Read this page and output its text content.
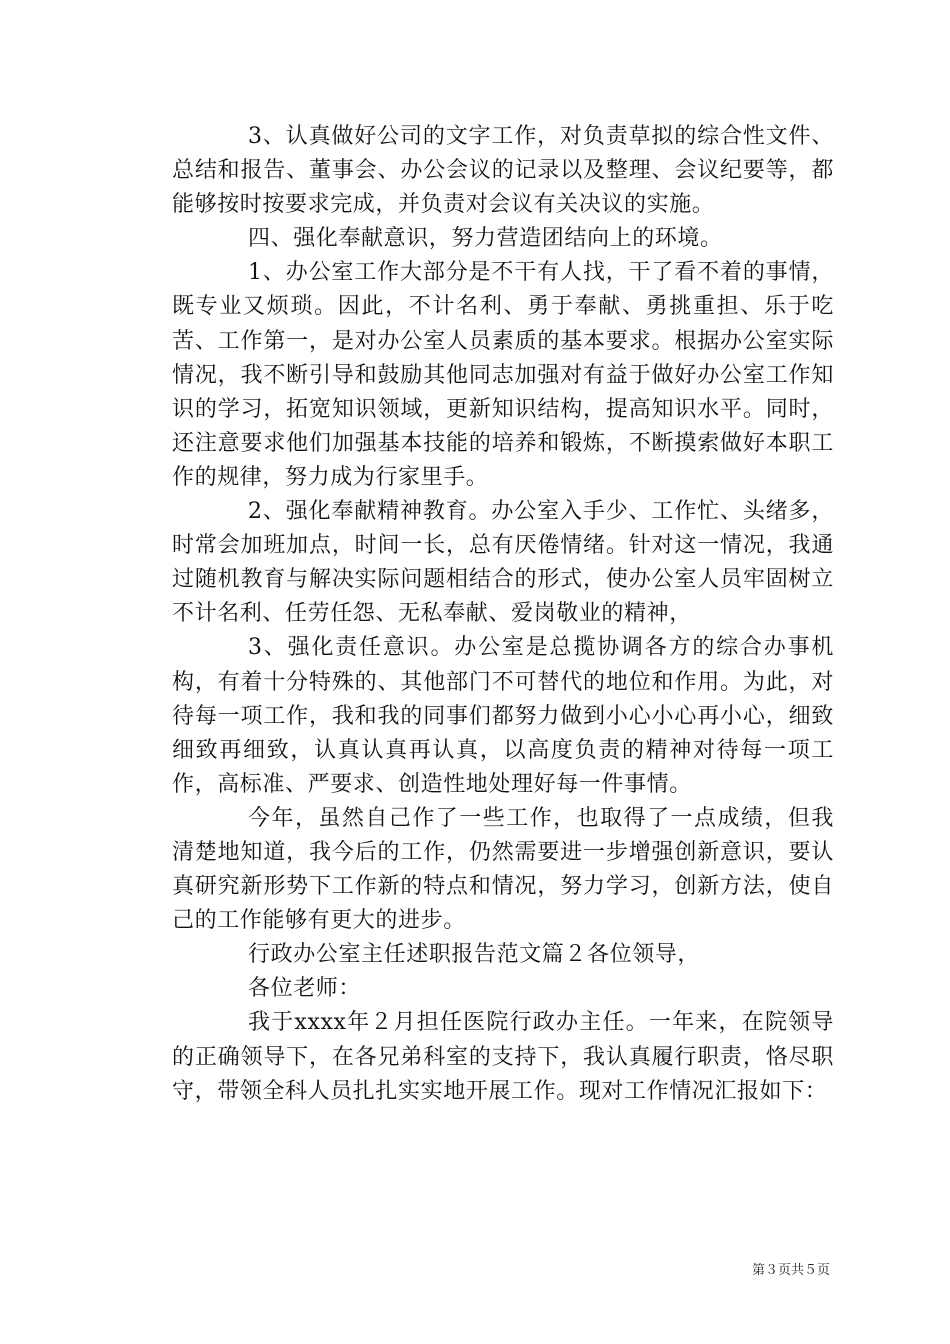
3、认真做好公司的文字工作，对负责草拟的综合性文件、总结和报告、董事会、办公会议的记录以及整理、会议纪要等，都能够按时按要求完成，并负责对会议有关决议的实施。

四、强化奉献意识，努力营造团结向上的环境。

1、办公室工作大部分是不干有人找，干了看不着的事情，既专业又烦琐。因此，不计名利、勇于奉献、勇挑重担、乐于吃苦、工作第一，是对办公室人员素质的基本要求。根据办公室实际情况，我不断引导和鼓励其他同志加强对有益于做好办公室工作知识的学习，拓宽知识领域，更新知识结构，提高知识水平。同时，还注意要求他们加强基本技能的培养和锻炼，不断摸索做好本职工作的规律，努力成为行家里手。

2、强化奉献精神教育。办公室入手少、工作忙、头绪多，时常会加班加点，时间一长，总有厌倦情绪。针对这一情况，我通过随机教育与解决实际问题相结合的形式，使办公室人员牢固树立不计名利、任劳任怨、无私奉献、爱岗敬业的精神，

3、强化责任意识。办公室是总揽协调各方的综合办事机构，有着十分特殊的、其他部门不可替代的地位和作用。为此，对待每一项工作，我和我的同事们都努力做到小心小心再小心，细致细致再细致，认真认真再认真，以高度负责的精神对待每一项工作，高标准、严要求、创造性地处理好每一件事情。

今年，虽然自己作了一些工作，也取得了一点成绩，但我清楚地知道，我今后的工作，仍然需要进一步增强创新意识，要认真研究新形势下工作新的特点和情况，努力学习，创新方法，使自己的工作能够有更大的进步。

行政办公室主任述职报告范文篇２各位领导，

各位老师：

我于xxxx年２月担任医院行政办主任。一年来，在院领导的正确领导下，在各兄弟科室的支持下，我认真履行职责，恪尽职守，带领全科人员扎扎实实地开展工作。现对工作情况汇报如下：

第３页共５页
